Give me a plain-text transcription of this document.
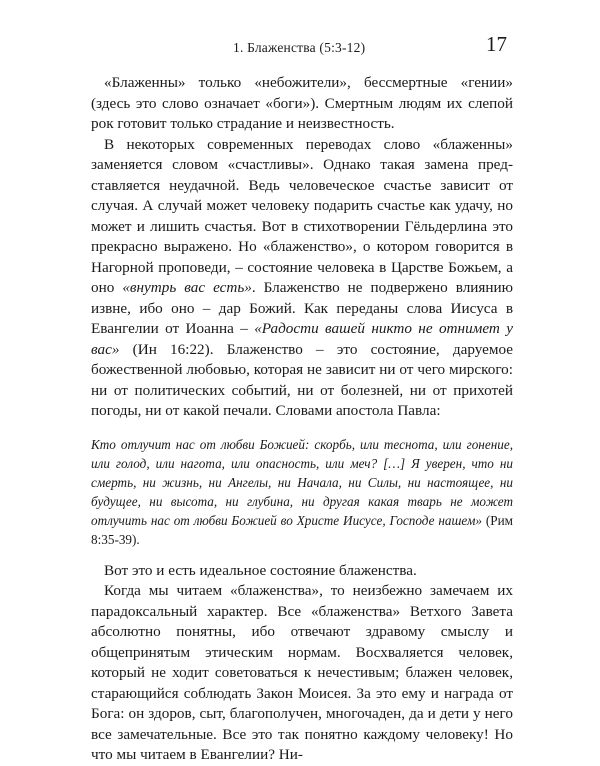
1. Блаженства (5:3-12)	17

«Блаженны» только «небожители», бессмертные «гении» (здесь это слово означает «боги»). Смертным людям их слепой рок готовит только страдание и неизвестность.

В некоторых современных переводах слово «блаженны» заменяется словом «счастливы». Однако такая замена представляется неудачной. Ведь человеческое счастье зависит от случая. А случай может человеку подарить счастье как удачу, но может и лишить счастья. Вот в стихотворении Гёльдерлина это прекрасно выражено. Но «блаженство», о котором говорится в Нагорной проповеди, – состояние человека в Царстве Божьем, а оно «внутрь вас есть». Блаженство не подвержено влиянию извне, ибо оно – дар Божий. Как переданы слова Иисуса в Евангелии от Иоанна – «Радости вашей никто не отнимет у вас» (Ин 16:22). Блаженство – это состояние, даруемое божественной любовью, которая не зависит ни от чего мирского: ни от политических событий, ни от болезней, ни от прихотей погоды, ни от какой печали. Словами апостола Павла:

Кто отлучит нас от любви Божией: скорбь, или теснота, или гонение, или голод, или нагота, или опасность, или меч? […] Я уверен, что ни смерть, ни жизнь, ни Ангелы, ни Начала, ни Силы, ни настоящее, ни будущее, ни высота, ни глубина, ни другая какая тварь не может отлучить нас от любви Божией во Христе Иисусе, Господе нашем» (Рим 8:35-39).

Вот это и есть идеальное состояние блаженства.

Когда мы читаем «блаженства», то неизбежно замечаем их парадоксальный характер. Все «блаженства» Ветхого Завета абсолютно понятны, ибо отвечают здравому смыслу и общепринятым этическим нормам. Восхваляется человек, который не ходит советоваться к нечестивым; блажен человек, старающийся соблюдать Закон Моисея. За это ему и награда от Бога: он здоров, сыт, благополучен, многочаден, да и дети у него все замечательные. Все это так понятно каждому человеку! Но что мы читаем в Евангелии? Ни-
